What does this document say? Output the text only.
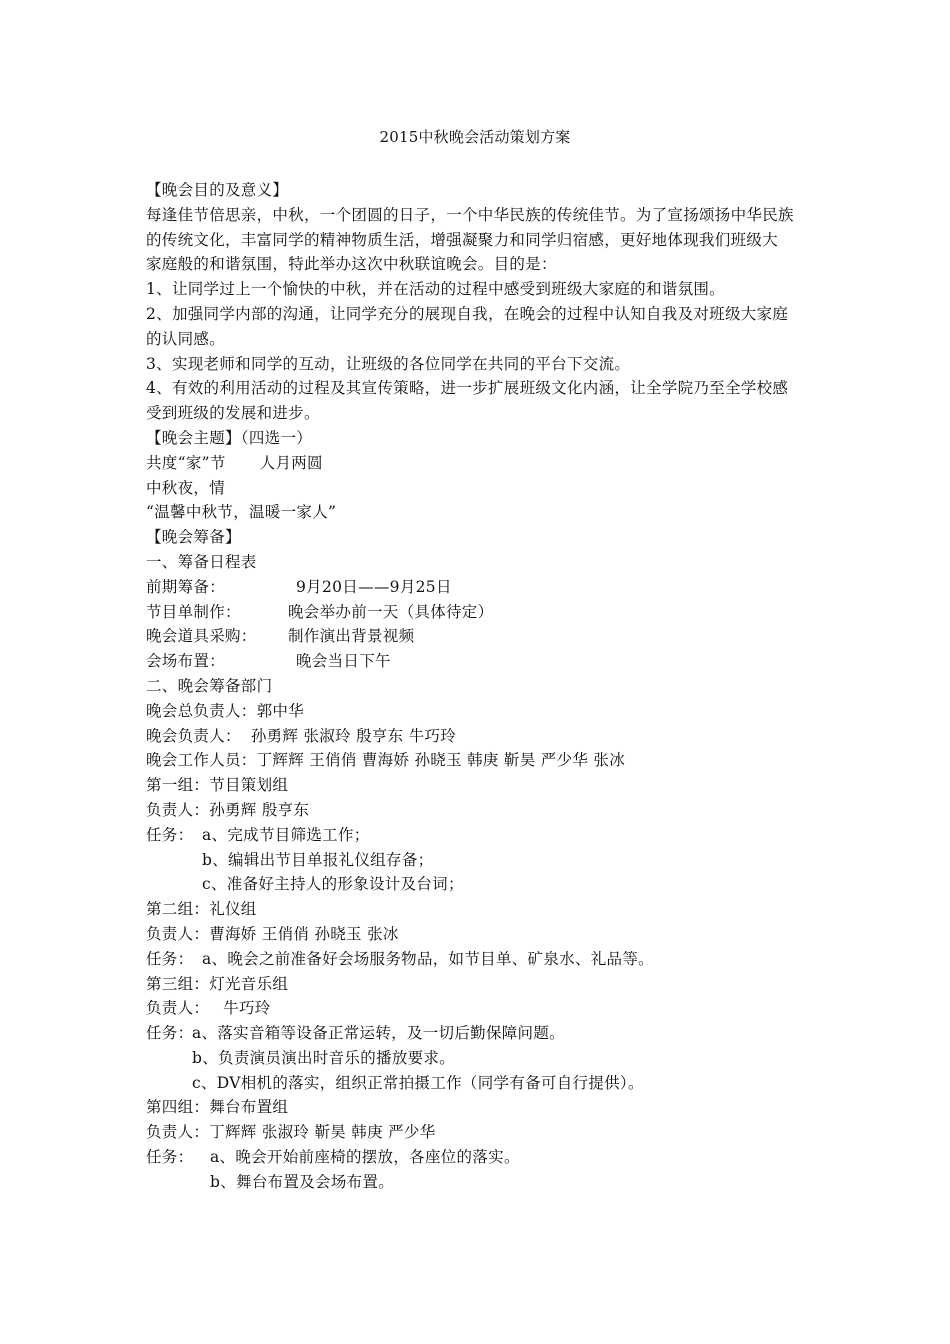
2015中秋晚会活动策划方案
【晚会目的及意义】
每逢佳节倍思亲，中秋，一个团圆的日子，一个中华民族的传统佳节。为了宣扬颂扬中华民族
的传统文化，丰富同学的精神物质生活，增强凝聚力和同学归宿感，更好地体现我们班级大
家庭般的和谐氛围，特此举办这次中秋联谊晚会。目的是：
1、让同学过上一个愉快的中秋，并在活动的过程中感受到班级大家庭的和谐氛围。
2、加强同学内部的沟通，让同学充分的展现自我，在晚会的过程中认知自我及对班级大家庭
的认同感。
3、实现老师和同学的互动，让班级的各位同学在共同的平台下交流。
4、有效的利用活动的过程及其宣传策略，进一步扩展班级文化内涵，让全学院乃至全学校感
受到班级的发展和进步。
【晚会主题】（四选一）
共度“家”节 人月两圆
中秋夜，情
“温馨中秋节，温暖一家人”
【晚会筹备】
一、筹备日程表
前期筹备：	9月20日——9月25日
节目单制作：	晚会举办前一天（具体待定）
晚会道具采购： 制作演出背景视频
会场布置：	晚会当日下午
二、晚会筹备部门
晚会总负责人：郭中华
晚会负责人： 孙勇辉 张淑玲 殷亨东 牛巧玲
晚会工作人员：丁辉辉 王俏俏 曹海娇 孙晓玉 韩庚 靳昊 严少华 张冰
第一组：节目策划组
负责人：孙勇辉 殷亨东
任务： a、完成节目筛选工作；
b、编辑出节目单报礼仪组存备；
c、准备好主持人的形象设计及台词；
第二组：礼仪组
负责人：曹海娇 王俏俏 孙晓玉 张冰
任务： a、晚会之前准备好会场服务物品，如节目单、矿泉水、礼品等。
第三组：灯光音乐组
负责人： 牛巧玲
任务：a、落实音箱等设备正常运转，及一切后勤保障问题。
b、负责演员演出时音乐的播放要求。
c、DV相机的落实，组织正常拍摄工作（同学有备可自行提供）。
第四组：舞台布置组
负责人：丁辉辉 张淑玲 靳昊 韩庚 严少华
任务： a、晚会开始前座椅的摆放，各座位的落实。
b、舞台布置及会场布置。
